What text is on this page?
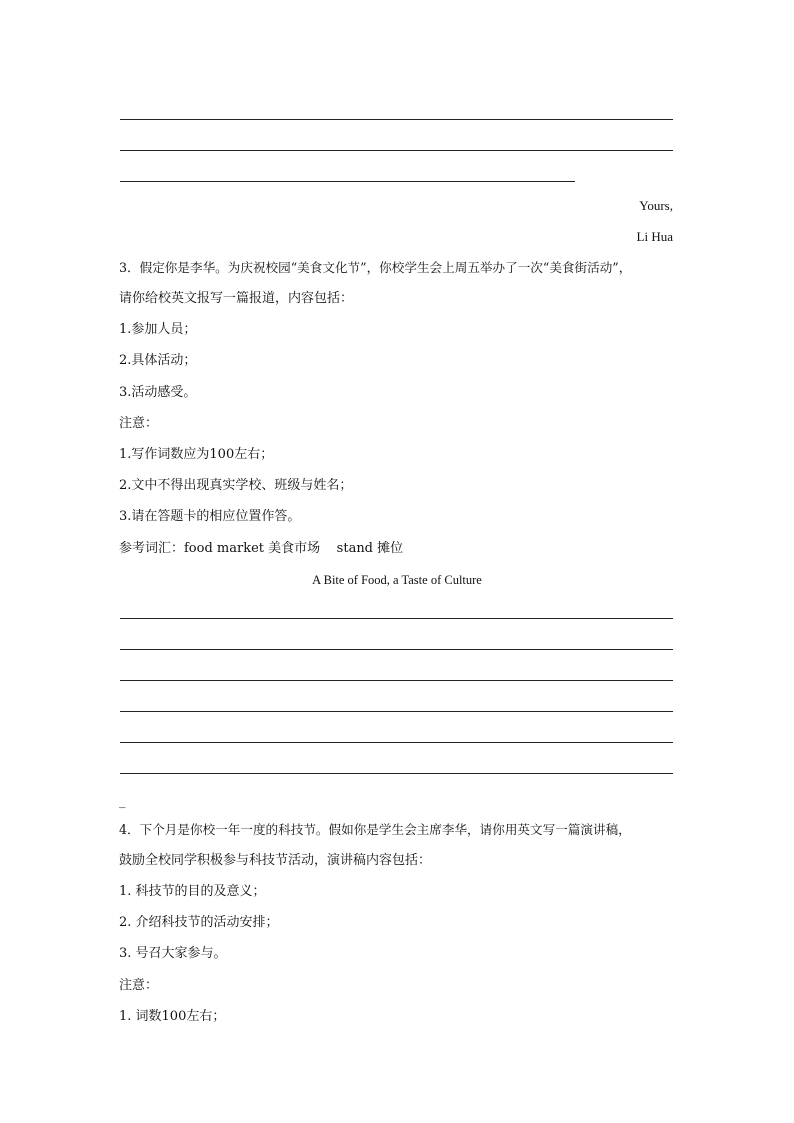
Yours,
Li Hua
3．假定你是李华。为庆祝校园“美食文化节”，你校学生会上周五举办了一次“美食街活动”，
请你给校英文报写一篇报道，内容包括：
1.参加人员；
2.具体活动；
3.活动感受。
注意：
1.写作词数应为100左右；
2.文中不得出现真实学校、班级与姓名；
3.请在答题卡的相应位置作答。
参考词汇：food market 美食市场    stand 摊位
A Bite of Food, a Taste of Culture
_
4．下个月是你校一年一度的科技节。假如你是学生会主席李华，请你用英文写一篇演讲稿，
鼓励全校同学积极参与科技节活动，演讲稿内容包括：
1. 科技节的目的及意义；
2. 介绍科技节的活动安排；
3. 号召大家参与。
注意：
1. 词数100左右；
